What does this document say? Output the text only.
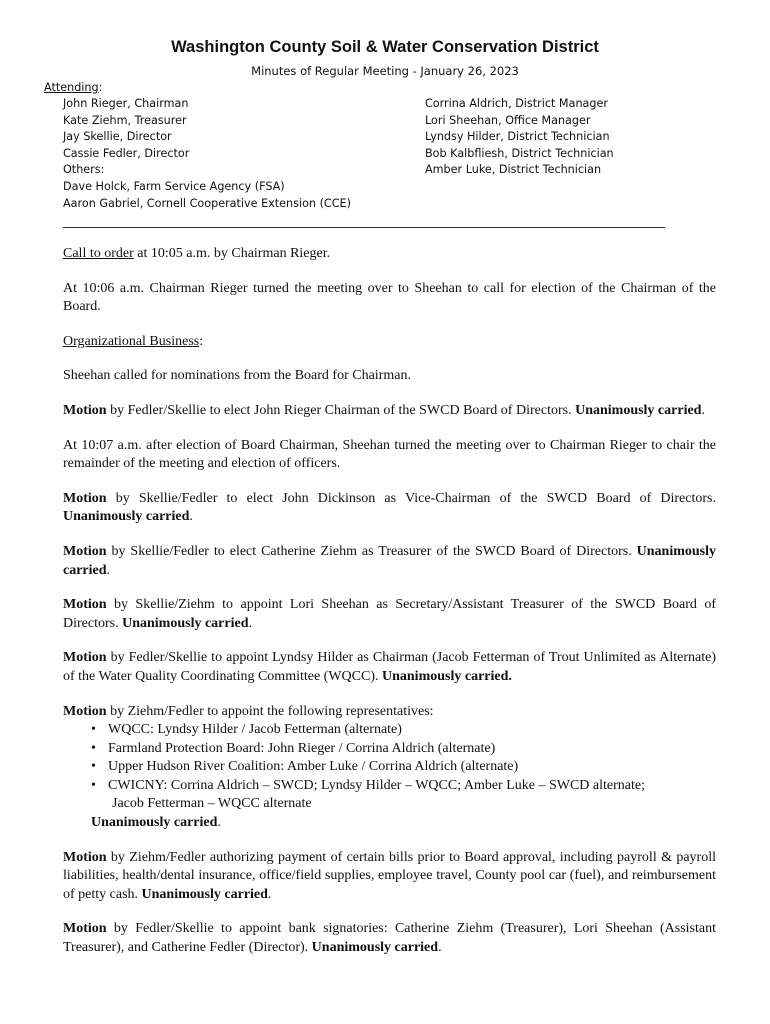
Washington County Soil & Water Conservation District
Minutes of Regular Meeting - January 26, 2023
Attending:
John Rieger, Chairman
Kate Ziehm, Treasurer
Jay Skellie, Director
Cassie Fedler, Director
Others:
Dave Holck, Farm Service Agency (FSA)
Aaron Gabriel, Cornell Cooperative Extension (CCE)
Corrina Aldrich, District Manager
Lori Sheehan, Office Manager
Lyndsy Hilder, District Technician
Bob Kalbfliesh, District Technician
Amber Luke, District Technician

Call to order at 10:05 a.m. by Chairman Rieger.

At 10:06 a.m. Chairman Rieger turned the meeting over to Sheehan to call for election of the Chairman of the Board.

Organizational Business:

Sheehan called for nominations from the Board for Chairman.

Motion by Fedler/Skellie to elect John Rieger Chairman of the SWCD Board of Directors. Unanimously carried.

At 10:07 a.m. after election of Board Chairman, Sheehan turned the meeting over to Chairman Rieger to chair the remainder of the meeting and election of officers.

Motion by Skellie/Fedler to elect John Dickinson as Vice-Chairman of the SWCD Board of Directors. Unanimously carried.

Motion by Skellie/Fedler to elect Catherine Ziehm as Treasurer of the SWCD Board of Directors. Unanimously carried.

Motion by Skellie/Ziehm to appoint Lori Sheehan as Secretary/Assistant Treasurer of the SWCD Board of Directors. Unanimously carried.

Motion by Fedler/Skellie to appoint Lyndsy Hilder as Chairman (Jacob Fetterman of Trout Unlimited as Alternate) of the Water Quality Coordinating Committee (WQCC). Unanimously carried.

Motion by Ziehm/Fedler to appoint the following representatives:
• WQCC: Lyndsy Hilder / Jacob Fetterman (alternate)
• Farmland Protection Board: John Rieger / Corrina Aldrich (alternate)
• Upper Hudson River Coalition: Amber Luke / Corrina Aldrich (alternate)
• CWICNY: Corrina Aldrich – SWCD; Lyndsy Hilder – WQCC; Amber Luke – SWCD alternate;
Jacob Fetterman – WQCC alternate
Unanimously carried.

Motion by Ziehm/Fedler authorizing payment of certain bills prior to Board approval, including payroll & payroll liabilities, health/dental insurance, office/field supplies, employee travel, County pool car (fuel), and reimbursement of petty cash. Unanimously carried.

Motion by Fedler/Skellie to appoint bank signatories: Catherine Ziehm (Treasurer), Lori Sheehan (Assistant Treasurer), and Catherine Fedler (Director). Unanimously carried.
